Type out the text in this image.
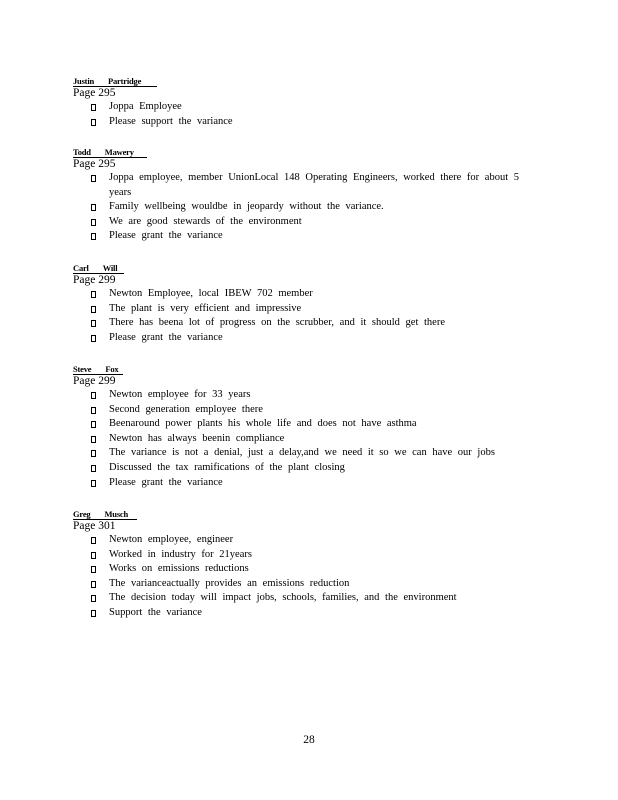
Justin Partridge
Page 295
Joppa Employee
Please support the variance
Todd Mawery
Page 295
Joppa employee, member UnionLocal 148 Operating Engineers, worked there for about 5 years
Family wellbeing wouldbe in jeopardy without the variance.
We are good stewards of the environment
Please grant the variance
Carl Will
Page 299
Newton Employee, local IBEW 702 member
The plant is very efficient and impressive
There has beena lot of progress on the scrubber, and it should get there
Please grant the variance
Steve Fox
Page 299
Newton employee for 33 years
Second generation employee there
Beenaround power plants his whole life and does not have asthma
Newton has always beenin compliance
The variance is not a denial, just a delay,and we need it so we can have our jobs
Discussed the tax ramifications of the plant closing
Please grant the variance
Greg Musch
Page 301
Newton employee, engineer
Worked in industry for 21years
Works on emissions reductions
The varianceactually provides an emissions reduction
The decision today will impact jobs, schools, families, and the environment
Support the variance
28
